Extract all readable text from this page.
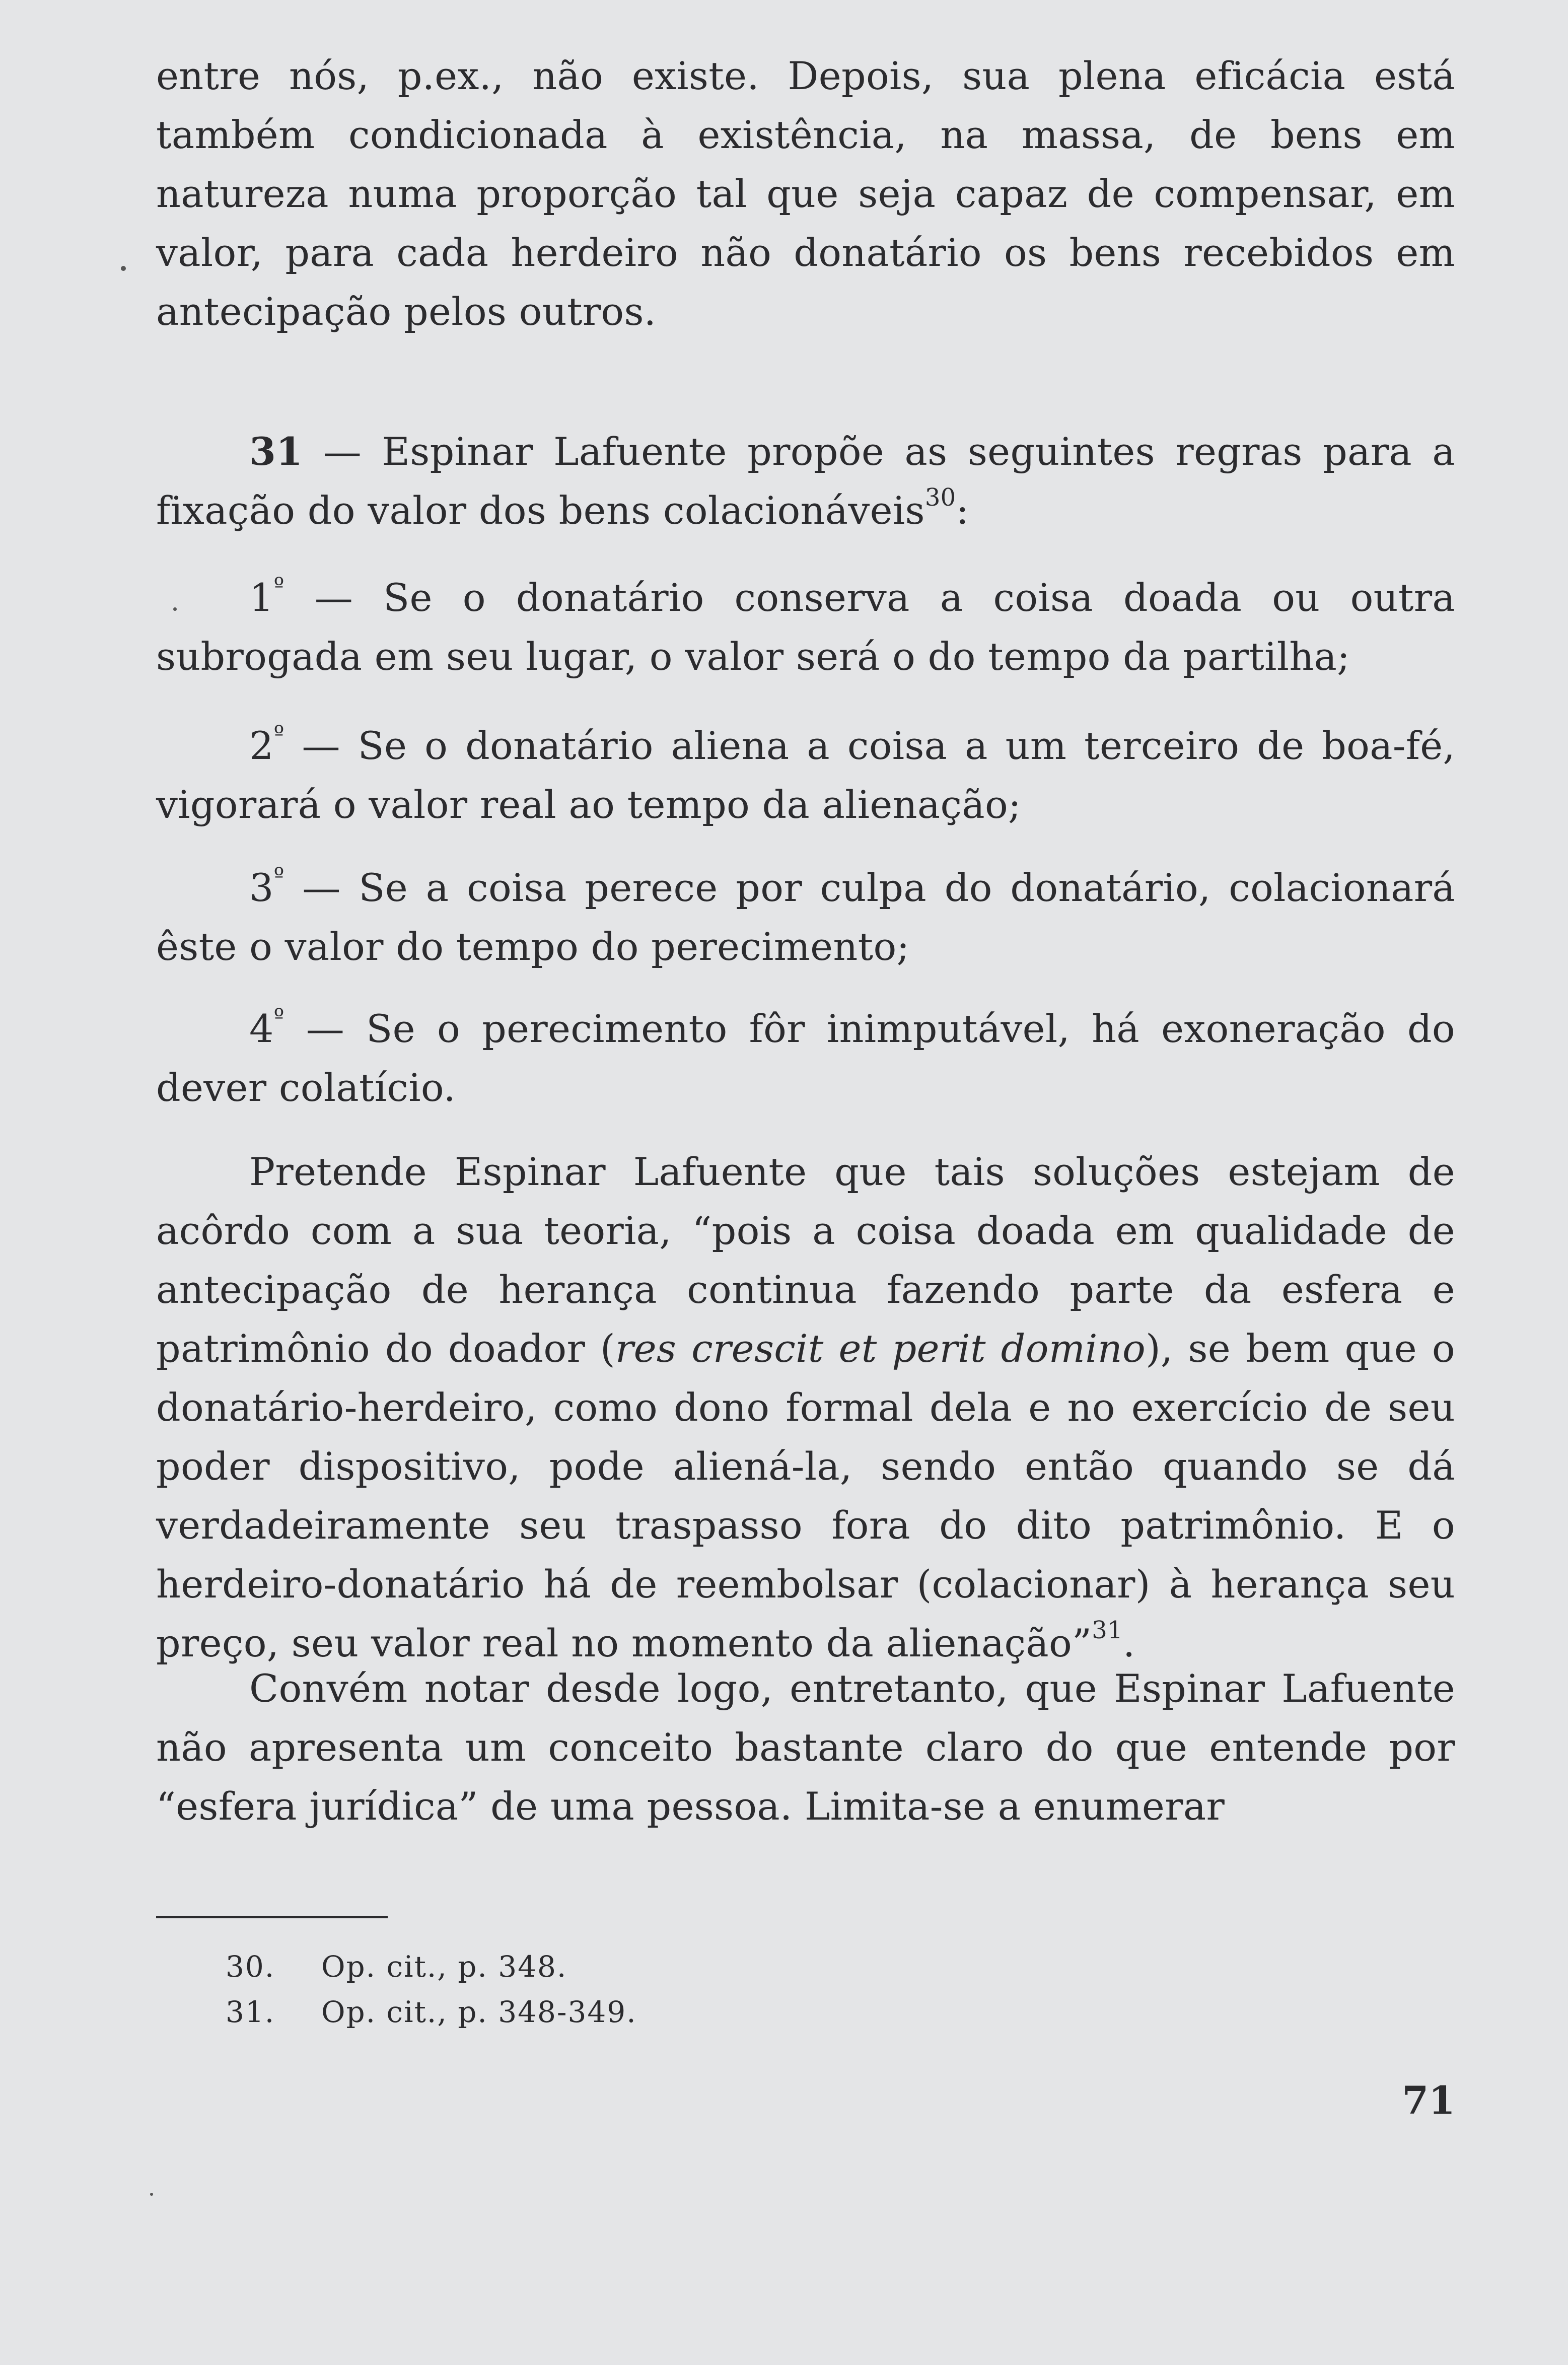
entre nós, p.ex., não existe. Depois, sua plena eficácia está também condicionada à existência, na massa, de bens em natureza numa proporção tal que seja capaz de compensar, em valor, para cada herdeiro não donatário os bens recebidos em antecipação pelos outros.

31 — Espinar Lafuente propõe as seguintes regras para a fixação do valor dos bens colacionáveis$^{30}$:

$1^º$ — Se o donatário conserva a coisa doada ou outra subrogada em seu lugar, o valor será o do tempo da partilha;

$2^º$ — Se o donatário aliena a coisa a um terceiro de boa-fé, vigorará o valor real ao tempo da alienação;

$3^º$ — Se a coisa perece por culpa do donatário, colacionará êste o valor do tempo do perecimento;

$4^º$ — Se o perecimento fôr inimputável, há exoneração do dever colatício.

Pretende Espinar Lafuente que tais soluções estejam de acôrdo com a sua teoria, “pois a coisa doada em qualidade de antecipação de herança continua fazendo parte da esfera e patrimônio do doador (res crescit et perit domino), se bem que o donatário-herdeiro, como dono formal dela e no exercício de seu poder dispositivo, pode aliená-la, sendo então quando se dá verdadeiramente seu traspasso fora do dito patrimônio. E o herdeiro-donatário há de reembolsar (colacionar) à herança seu preço, seu valor real no momento da alienação”$^{31}$.

Convém notar desde logo, entretanto, que Espinar Lafuente não apresenta um conceito bastante claro do que entende por “esfera jurídica” de uma pessoa. Limita-se a enumerar

30. Op. cit., p. 348.
31. Op. cit., p. 348-349.
71
